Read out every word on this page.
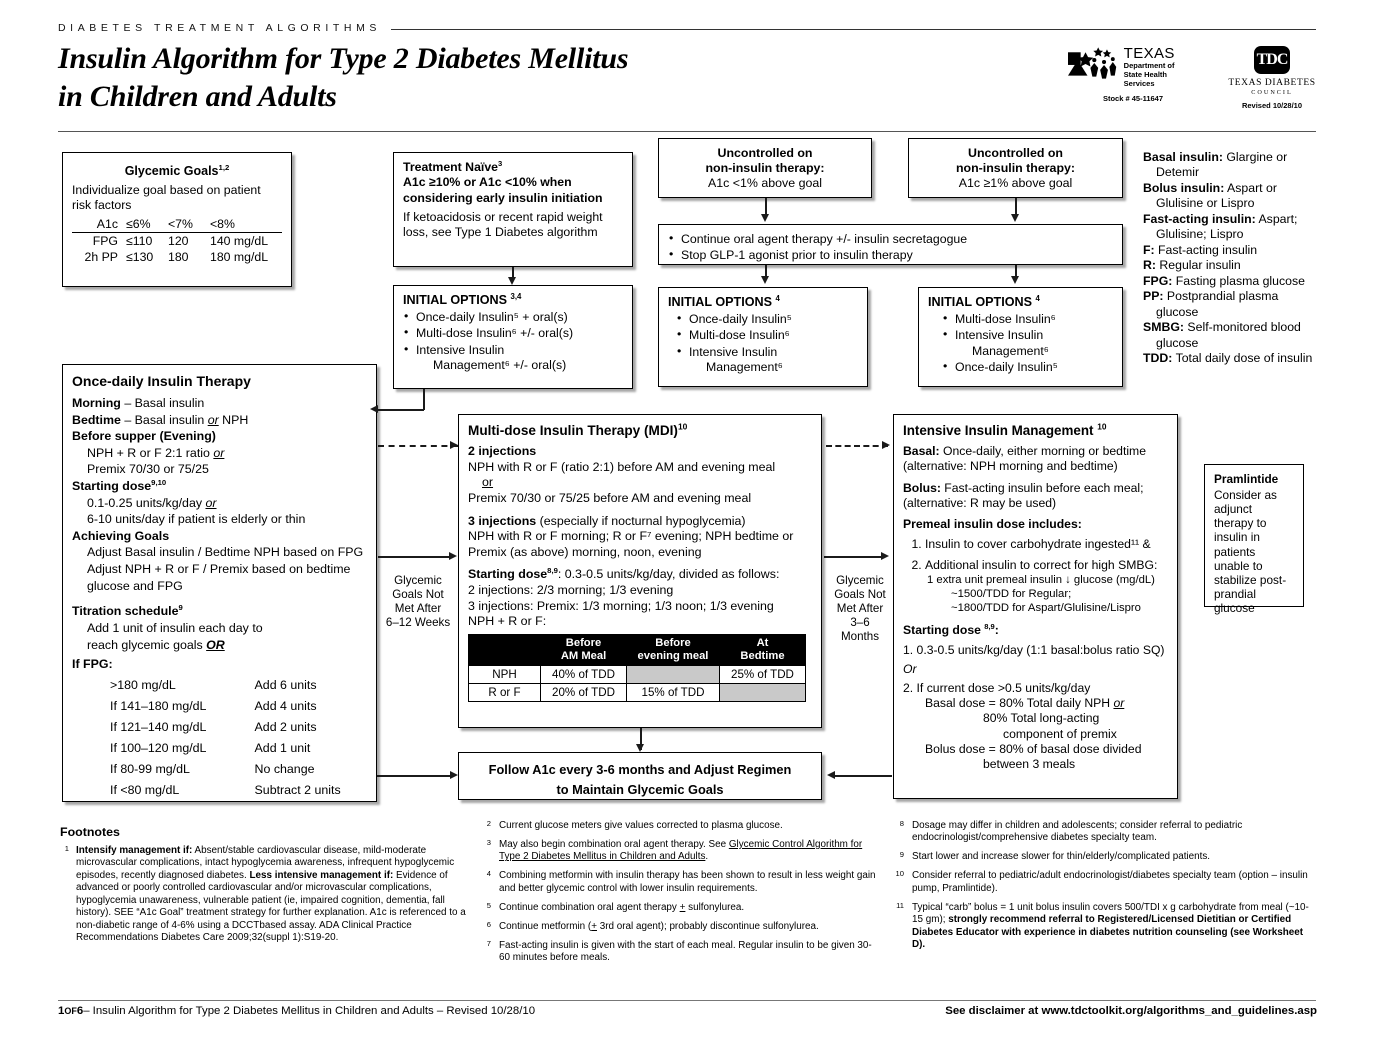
DIABETES TREATMENT ALGORITHMS
Insulin Algorithm for Type 2 Diabetes Mellitus
in Children and Adults
TEXAS
Department of
State Health Services
Stock # 45-11647
TDC
TEXAS DIABETES
COUNCIL
Revised 10/28/10
Glycemic Goals$^{1,2}$
Individualize goal based on patient risk factors
A1c	≤6%	<7%	<8%
FPG	≤110	120	140 mg/dL
2h PP	≤130	180	180 mg/dL
Treatment Naïve$^3$
A1c ≥10% or A1c <10% when
considering early insulin initiation
If ketoacidosis or recent rapid weight loss, see Type 1 Diabetes algorithm
INITIAL OPTIONS $^{3,4}$
• Once-daily Insulin⁵ + oral(s)
• Multi-dose Insulin⁶ +/- oral(s)
• Intensive Insulin
Management⁶ +/- oral(s)
Uncontrolled on
non-insulin therapy:
A1c <1% above goal
Uncontrolled on
non-insulin therapy:
A1c ≥1% above goal
• Continue oral agent therapy +/- insulin secretagogue
• Stop GLP-1 agonist prior to insulin therapy
INITIAL OPTIONS $^4$
• Once-daily Insulin⁵
• Multi-dose Insulin⁶
• Intensive Insulin
Management⁶
INITIAL OPTIONS $^4$
• Multi-dose Insulin⁶
• Intensive Insulin
Management⁶
• Once-daily Insulin⁵
Basal insulin: Glargine or
Detemir
Bolus insulin: Aspart or
Glulisine or Lispro
Fast-acting insulin: Aspart;
Glulisine; Lispro
F: Fast-acting insulin
R: Regular insulin
FPG: Fasting plasma glucose
PP: Postprandial plasma
glucose
SMBG: Self-monitored blood
glucose
TDD: Total daily dose of insulin
Once-daily Insulin Therapy
Morning – Basal insulin
Bedtime – Basal insulin or NPH
Before supper (Evening)
NPH + R or F 2:1 ratio or
Premix 70/30 or 75/25
Starting dose$^{9,10}$
0.1-0.25 units/kg/day or
6-10 units/day if patient is elderly or thin
Achieving Goals
Adjust Basal insulin / Bedtime NPH based on FPG
Adjust NPH + R or F / Premix based on bedtime
glucose and FPG
Titration schedule$^9$
Add 1 unit of insulin each day to
reach glycemic goals OR
If FPG:
>180 mg/dL	Add 6 units
If 141–180 mg/dL	Add 4 units
If 121–140 mg/dL	Add 2 units
If 100–120 mg/dL	Add 1 unit
If 80-99 mg/dL	No change
If <80 mg/dL	Subtract 2 units
Glycemic
Goals Not
Met After
6–12 Weeks
Glycemic
Goals Not
Met After
3–6
Months
Multi-dose Insulin Therapy (MDI)$^{10}$
2 injections
NPH with R or F (ratio 2:1) before AM and evening meal
or
Premix 70/30 or 75/25 before AM and evening meal
3 injections (especially if nocturnal hypoglycemia)
NPH with R or F morning; R or F⁷ evening; NPH bedtime or
Premix (as above) morning, noon, evening
Starting dose$^{8,9}$: 0.3-0.5 units/kg/day, divided as follows:
2 injections: 2/3 morning; 1/3 evening
3 injections: Premix: 1/3 morning; 1/3 noon; 1/3 evening
NPH + R or F:
	Before
AM Meal	Before
evening meal	At
Bedtime
NPH	40% of TDD		25% of TDD
R or F	20% of TDD	15% of TDD	
Intensive Insulin Management $^{10}$
Basal: Once-daily, either morning or bedtime
(alternative: NPH morning and bedtime)
Bolus: Fast-acting insulin before each meal;
(alternative: R may be used)
Premeal insulin dose includes:
1. Insulin to cover carbohydrate ingested¹¹ &
2. Additional insulin to correct for high SMBG:
1 extra unit premeal insulin ↓ glucose (mg/dL)
~1500/TDD for Regular;
~1800/TDD for Aspart/Glulisine/Lispro
Starting dose $^{8,9}$:
1. 0.3-0.5 units/kg/day (1:1 basal:bolus ratio SQ)
Or
2. If current dose >0.5 units/kg/day
Basal dose = 80% Total daily NPH or
80% Total long-acting
component of premix
Bolus dose = 80% of basal dose divided
between 3 meals
Pramlintide
Consider as adjunct therapy to insulin in patients unable to stabilize post-prandial glucose
Follow A1c every 3-6 months and Adjust Regimen
to Maintain Glycemic Goals
Footnotes
1 Intensify management if: Absent/stable cardiovascular disease, mild-moderate microvascular complications, intact hypoglycemia awareness, infrequent hypoglycemic episodes, recently diagnosed diabetes. Less intensive management if: Evidence of advanced or poorly controlled cardiovascular and/or microvascular complications, hypoglycemia unawareness, vulnerable patient (ie, impaired cognition, dementia, fall history). SEE “A1c Goal” treatment strategy for further explanation. A1c is referenced to a non-diabetic range of 4-6% using a DCCTbased assay. ADA Clinical Practice Recommendations Diabetes Care 2009;32(suppl 1):S19-20.
2 Current glucose meters give values corrected to plasma glucose.
3 May also begin combination oral agent therapy. See Glycemic Control Algorithm for Type 2 Diabetes Mellitus in Children and Adults.
4 Combining metformin with insulin therapy has been shown to result in less weight gain and better glycemic control with lower insulin requirements.
5 Continue combination oral agent therapy + sulfonylurea.
6 Continue metformin (+ 3rd oral agent); probably discontinue sulfonylurea.
7 Fast-acting insulin is given with the start of each meal. Regular insulin to be given 30-60 minutes before meals.
8 Dosage may differ in children and adolescents; consider referral to pediatric endocrinologist/comprehensive diabetes specialty team.
9 Start lower and increase slower for thin/elderly/complicated patients.
10 Consider referral to pediatric/adult endocrinologist/diabetes specialty team (option – insulin pump, Pramlintide).
11 Typical “carb” bolus = 1 unit bolus insulin covers 500/TDI x g carbohydrate from meal (~10-15 gm); strongly recommend referral to Registered/Licensed Dietitian or Certified Diabetes Educator with experience in diabetes nutrition counseling (see Worksheet D).
1OF6– Insulin Algorithm for Type 2 Diabetes Mellitus in Children and Adults – Revised 10/28/10	See disclaimer at www.tdctoolkit.org/algorithms_and_guidelines.asp
